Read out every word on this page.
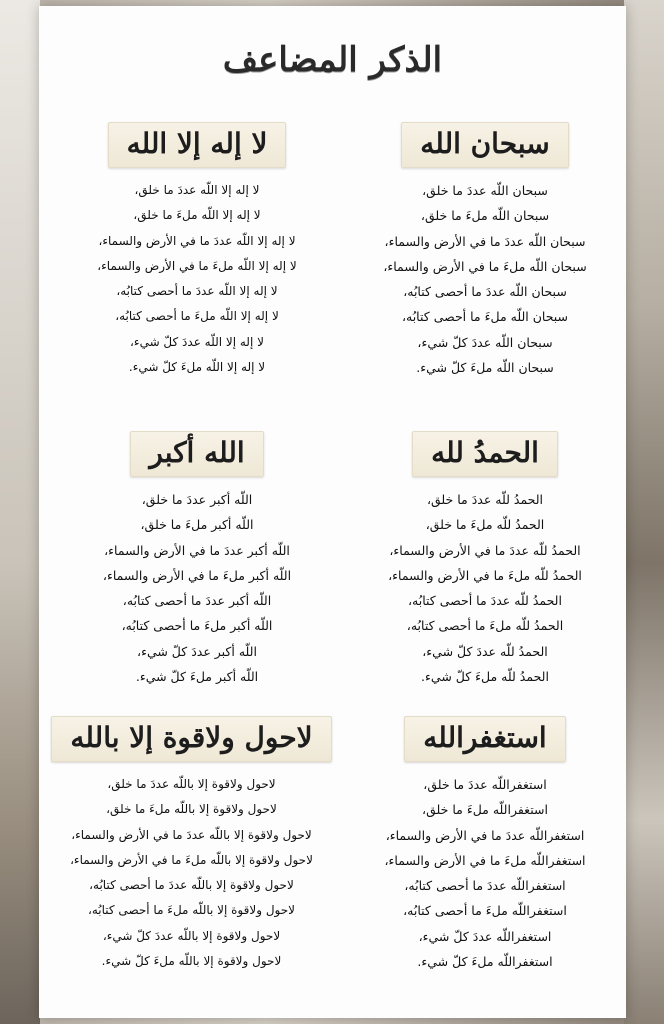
الذكر المضاعف
سبحان الله
سبحان اللّه عددَ ما خلق،
سبحان اللّه ملءَ ما خلق،
سبحان اللّه عددَ ما في الأرض والسماء،
سبحان اللّه ملءَ ما في الأرض والسماء،
سبحان اللّه عددَ ما أحصى كتابُه،
سبحان اللّه ملءَ ما أحصى كتابُه،
سبحان اللّه عددَ كلّ شيء،
سبحان اللّه ملءَ كلّ شيء.
لا إله إلا الله
لا إله إلا اللّه عددَ ما خلق،
لا إله إلا اللّه ملءَ ما خلق،
لا إله إلا اللّه عددَ ما في الأرض والسماء،
لا إله إلا اللّه ملءَ ما في الأرض والسماء،
لا إله إلا اللّه عددَ ما أحصى كتابُه،
لا إله إلا اللّه ملءَ ما أحصى كتابُه،
لا إله إلا اللّه عددَ كلّ شيء،
لا إله إلا اللّه ملءَ كلّ شيء.
الحمدُ لله
الحمدُ للّه عددَ ما خلق،
الحمدُ للّه ملءَ ما خلق،
الحمدُ للّه عددَ ما في الأرض والسماء،
الحمدُ للّه ملءَ ما في الأرض والسماء،
الحمدُ للّه عددَ ما أحصى كتابُه،
الحمدُ للّه ملءَ ما أحصى كتابُه،
الحمدُ للّه عددَ كلّ شيء،
الحمدُ للّه ملءَ كلّ شيء.
الله أكبر
اللّه أكبر عددَ ما خلق،
اللّه أكبر ملءَ ما خلق،
اللّه أكبر عددَ ما في الأرض والسماء،
اللّه أكبر ملءَ ما في الأرض والسماء،
اللّه أكبر عددَ ما أحصى كتابُه،
اللّه أكبر ملءَ ما أحصى كتابُه،
اللّه أكبر عددَ كلّ شيء،
اللّه أكبر ملءَ كلّ شيء.
استغفرالله
استغفراللّه عددَ ما خلق،
استغفراللّه ملءَ ما خلق،
استغفراللّه عددَ ما في الأرض والسماء،
استغفراللّه ملءَ ما في الأرض والسماء،
استغفراللّه عددَ ما أحصى كتابُه،
استغفراللّه ملءَ ما أحصى كتابُه،
استغفراللّه عددَ كلّ شيء،
استغفراللّه ملءَ كلّ شيء.
لاحول ولاقوة إلا بالله
لاحول ولاقوة إلا باللّه عددَ ما خلق،
لاحول ولاقوة إلا باللّه ملءَ ما خلق،
لاحول ولاقوة إلا باللّه عددَ ما في الأرض والسماء،
لاحول ولاقوة إلا باللّه ملءَ ما في الأرض والسماء،
لاحول ولاقوة إلا باللّه عددَ ما أحصى كتابُه،
لاحول ولاقوة إلا باللّه ملءَ ما أحصى كتابُه،
لاحول ولاقوة إلا باللّه عددَ كلّ شيء،
لاحول ولاقوة إلا باللّه ملءَ كلّ شيء.
